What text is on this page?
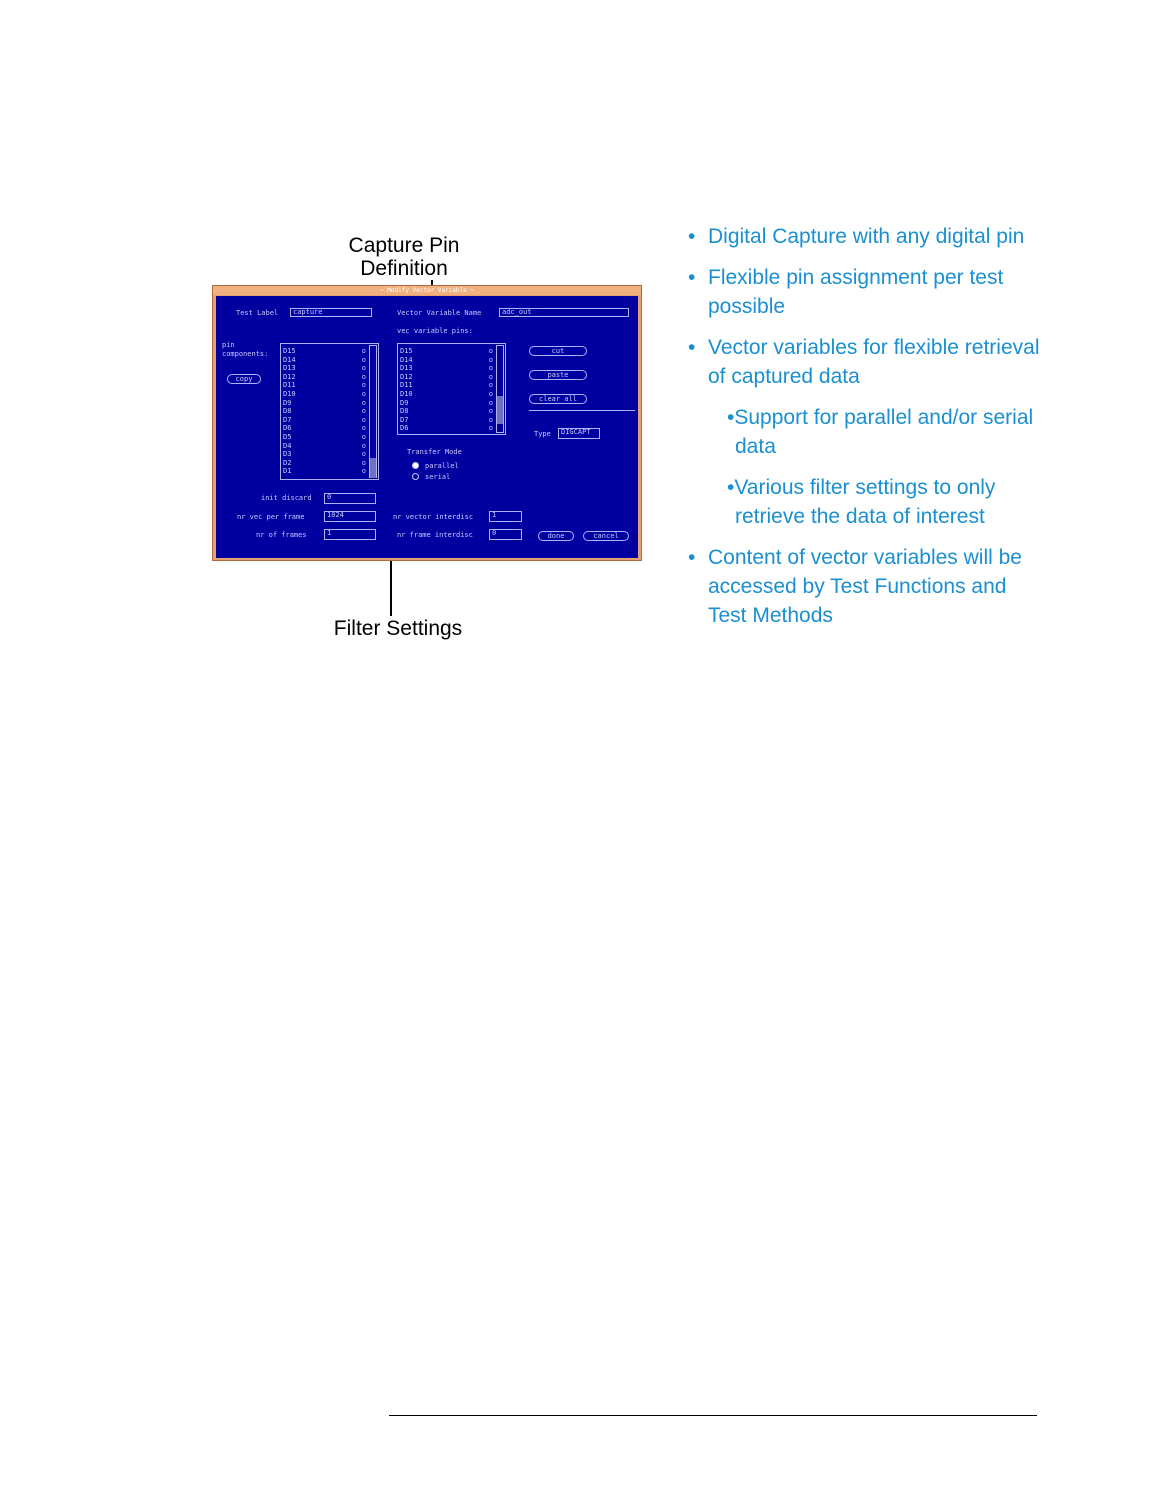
Capture Pin
Definition
Filter Settings
~ Modify Vector Variable ~
Test Label	capture	Vector Variable Name	adc_out
vec variable pins:
pin
components:
copy
D15	o
D14	o
D13	o
D12	o
D11	o
D10	o
D9	o
D8	o
D7	o
D6	o
D5	o
D4	o
D3	o
D2	o
D1	o
D15	o
D14	o
D13	o
D12	o
D11	o
D10	o
D9	o
D8	o
D7	o
D6	o
cut
paste
clear all
Type	DIGCAPT
Transfer Mode
parallel
serial
init discard	0
nr vec per frame	1024
nr of frames	1
nr vector interdisc	1
nr frame interdisc	0	done	cancel
• Digital Capture with any digital pin
• Flexible pin assignment per test possible
• Vector variables for flexible retrieval of captured data
•Support for parallel and/or serial data
•Various filter settings to only retrieve the data of interest
• Content of vector variables will be accessed by Test Functions and Test Methods
